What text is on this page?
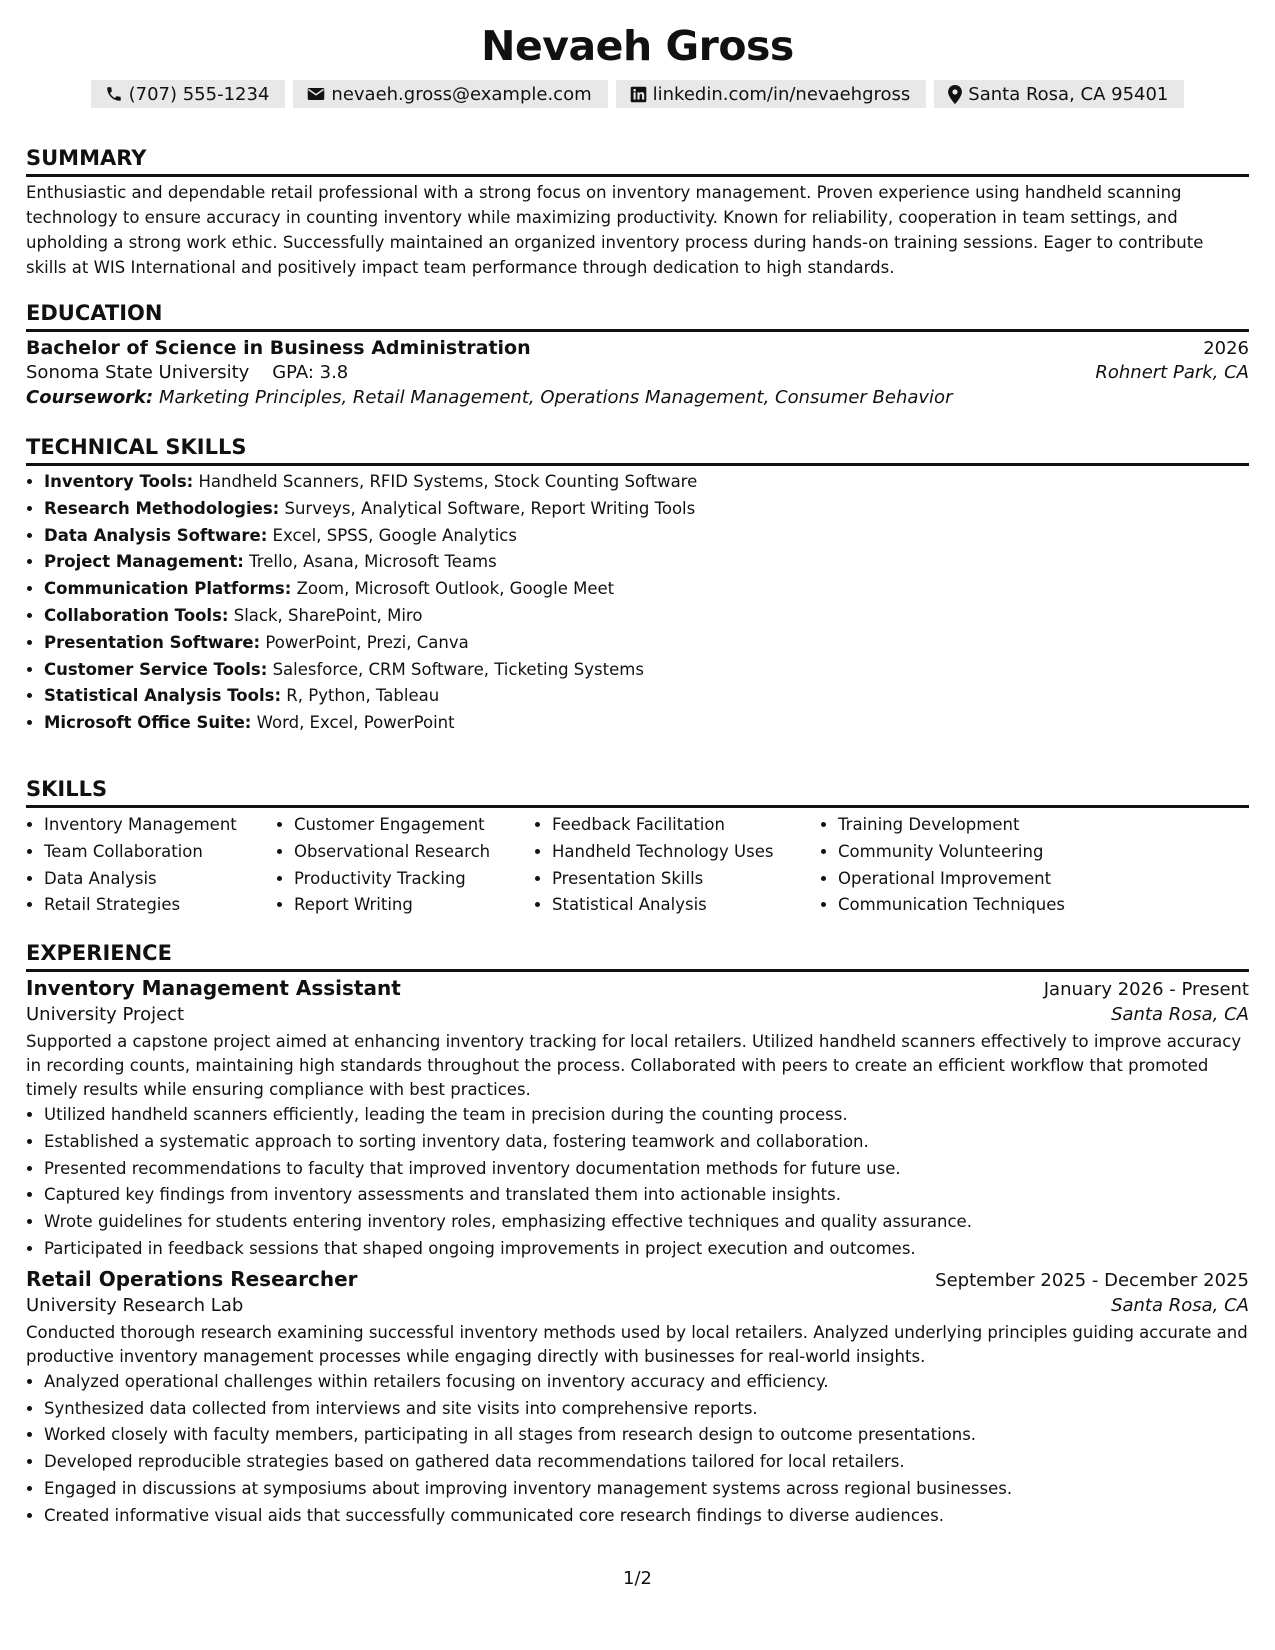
Nevaeh Gross
(707) 555-1234	nevaeh.gross@example.com	linkedin.com/in/nevaehgross	Santa Rosa, CA 95401
SUMMARY

Enthusiastic and dependable retail professional with a strong focus on inventory management. Proven experience using handheld scanning technology to ensure accuracy in counting inventory while maximizing productivity. Known for reliability, cooperation in team settings, and upholding a strong work ethic. Successfully maintained an organized inventory process during hands-on training sessions. Eager to contribute skills at WIS International and positively impact team performance through dedication to high standards.

EDUCATION
Bachelor of Science in Business Administration	2026
Sonoma State University GPA: 3.8	Rohnert Park, CA
Coursework: Marketing Principles, Retail Management, Operations Management, Consumer Behavior
TECHNICAL SKILLS
• Inventory Tools: Handheld Scanners, RFID Systems, Stock Counting Software
• Research Methodologies: Surveys, Analytical Software, Report Writing Tools
• Data Analysis Software: Excel, SPSS, Google Analytics
• Project Management: Trello, Asana, Microsoft Teams
• Communication Platforms: Zoom, Microsoft Outlook, Google Meet
• Collaboration Tools: Slack, SharePoint, Miro
• Presentation Software: PowerPoint, Prezi, Canva
• Customer Service Tools: Salesforce, CRM Software, Ticketing Systems
• Statistical Analysis Tools: R, Python, Tableau
• Microsoft Office Suite: Word, Excel, PowerPoint
SKILLS
• Inventory Management
• Team Collaboration
• Data Analysis
• Retail Strategies
• Customer Engagement
• Observational Research
• Productivity Tracking
• Report Writing
• Feedback Facilitation
• Handheld Technology Uses
• Presentation Skills
• Statistical Analysis
• Training Development
• Community Volunteering
• Operational Improvement
• Communication Techniques
EXPERIENCE
Inventory Management Assistant	January 2026 - Present
University Project	Santa Rosa, CA

Supported a capstone project aimed at enhancing inventory tracking for local retailers. Utilized handheld scanners effectively to improve accuracy in recording counts, maintaining high standards throughout the process. Collaborated with peers to create an efficient workflow that promoted timely results while ensuring compliance with best practices.

• Utilized handheld scanners efficiently, leading the team in precision during the counting process.
• Established a systematic approach to sorting inventory data, fostering teamwork and collaboration.
• Presented recommendations to faculty that improved inventory documentation methods for future use.
• Captured key findings from inventory assessments and translated them into actionable insights.
• Wrote guidelines for students entering inventory roles, emphasizing effective techniques and quality assurance.
• Participated in feedback sessions that shaped ongoing improvements in project execution and outcomes.
Retail Operations Researcher	September 2025 - December 2025
University Research Lab	Santa Rosa, CA

Conducted thorough research examining successful inventory methods used by local retailers. Analyzed underlying principles guiding accurate and productive inventory management processes while engaging directly with businesses for real-world insights.

• Analyzed operational challenges within retailers focusing on inventory accuracy and efficiency.
• Synthesized data collected from interviews and site visits into comprehensive reports.
• Worked closely with faculty members, participating in all stages from research design to outcome presentations.
• Developed reproducible strategies based on gathered data recommendations tailored for local retailers.
• Engaged in discussions at symposiums about improving inventory management systems across regional businesses.
• Created informative visual aids that successfully communicated core research findings to diverse audiences.
1/2
